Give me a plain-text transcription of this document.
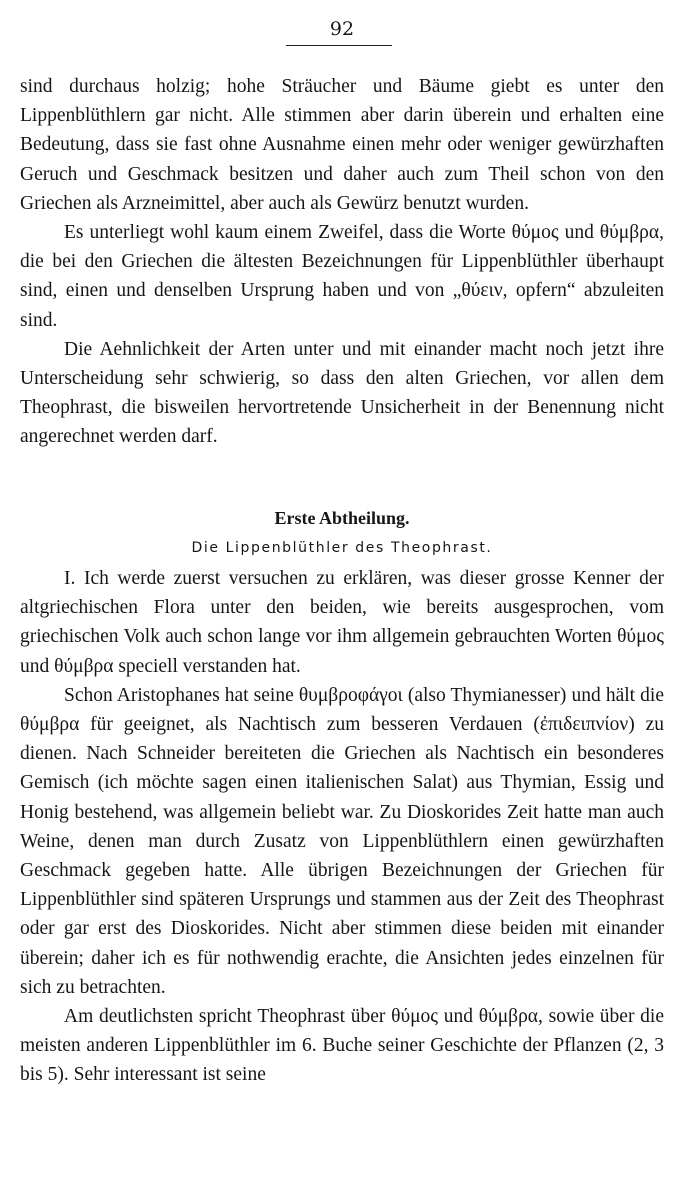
92

sind durchaus holzig; hohe Sträucher und Bäume giebt es unter den Lippenblüthlern gar nicht. Alle stimmen aber darin überein und erhalten eine Bedeutung, dass sie fast ohne Ausnahme einen mehr oder weniger gewürzhaften Geruch und Geschmack besitzen und daher auch zum Theil schon von den Griechen als Arzneimittel, aber auch als Gewürz benutzt wurden.

Es unterliegt wohl kaum einem Zweifel, dass die Worte θύμος und θύμβρα, die bei den Griechen die ältesten Bezeichnungen für Lippenblüthler überhaupt sind, einen und denselben Ursprung haben und von „θύειν, opfern“ abzuleiten sind.

Die Aehnlichkeit der Arten unter und mit einander macht noch jetzt ihre Unterscheidung sehr schwierig, so dass den alten Griechen, vor allen dem Theophrast, die bisweilen hervortretende Unsicherheit in der Benennung nicht angerechnet werden darf.

Erste Abtheilung.
Die Lippenblüthler des Theophrast.

I. Ich werde zuerst versuchen zu erklären, was dieser grosse Kenner der altgriechischen Flora unter den beiden, wie bereits ausgesprochen, vom griechischen Volk auch schon lange vor ihm allgemein gebrauchten Worten θύμος und θύμβρα speciell verstanden hat.

Schon Aristophanes hat seine θυμβροφάγοι (also Thymianesser) und hält die θύμβρα für geeignet, als Nachtisch zum besseren Verdauen (ἐπιδειπνίον) zu dienen. Nach Schneider bereiteten die Griechen als Nachtisch ein besonderes Gemisch (ich möchte sagen einen italienischen Salat) aus Thymian, Essig und Honig bestehend, was allgemein beliebt war. Zu Dioskorides Zeit hatte man auch Weine, denen man durch Zusatz von Lippenblüthlern einen gewürzhaften Geschmack gegeben hatte. Alle übrigen Bezeichnungen der Griechen für Lippenblüthler sind späteren Ursprungs und stammen aus der Zeit des Theophrast oder gar erst des Dioskorides. Nicht aber stimmen diese beiden mit einander überein; daher ich es für nothwendig erachte, die Ansichten jedes einzelnen für sich zu betrachten.

Am deutlichsten spricht Theophrast über θύμος und θύμβρα, sowie über die meisten anderen Lippenblüthler im 6. Buche seiner Geschichte der Pflanzen (2, 3 bis 5). Sehr interessant ist seine
